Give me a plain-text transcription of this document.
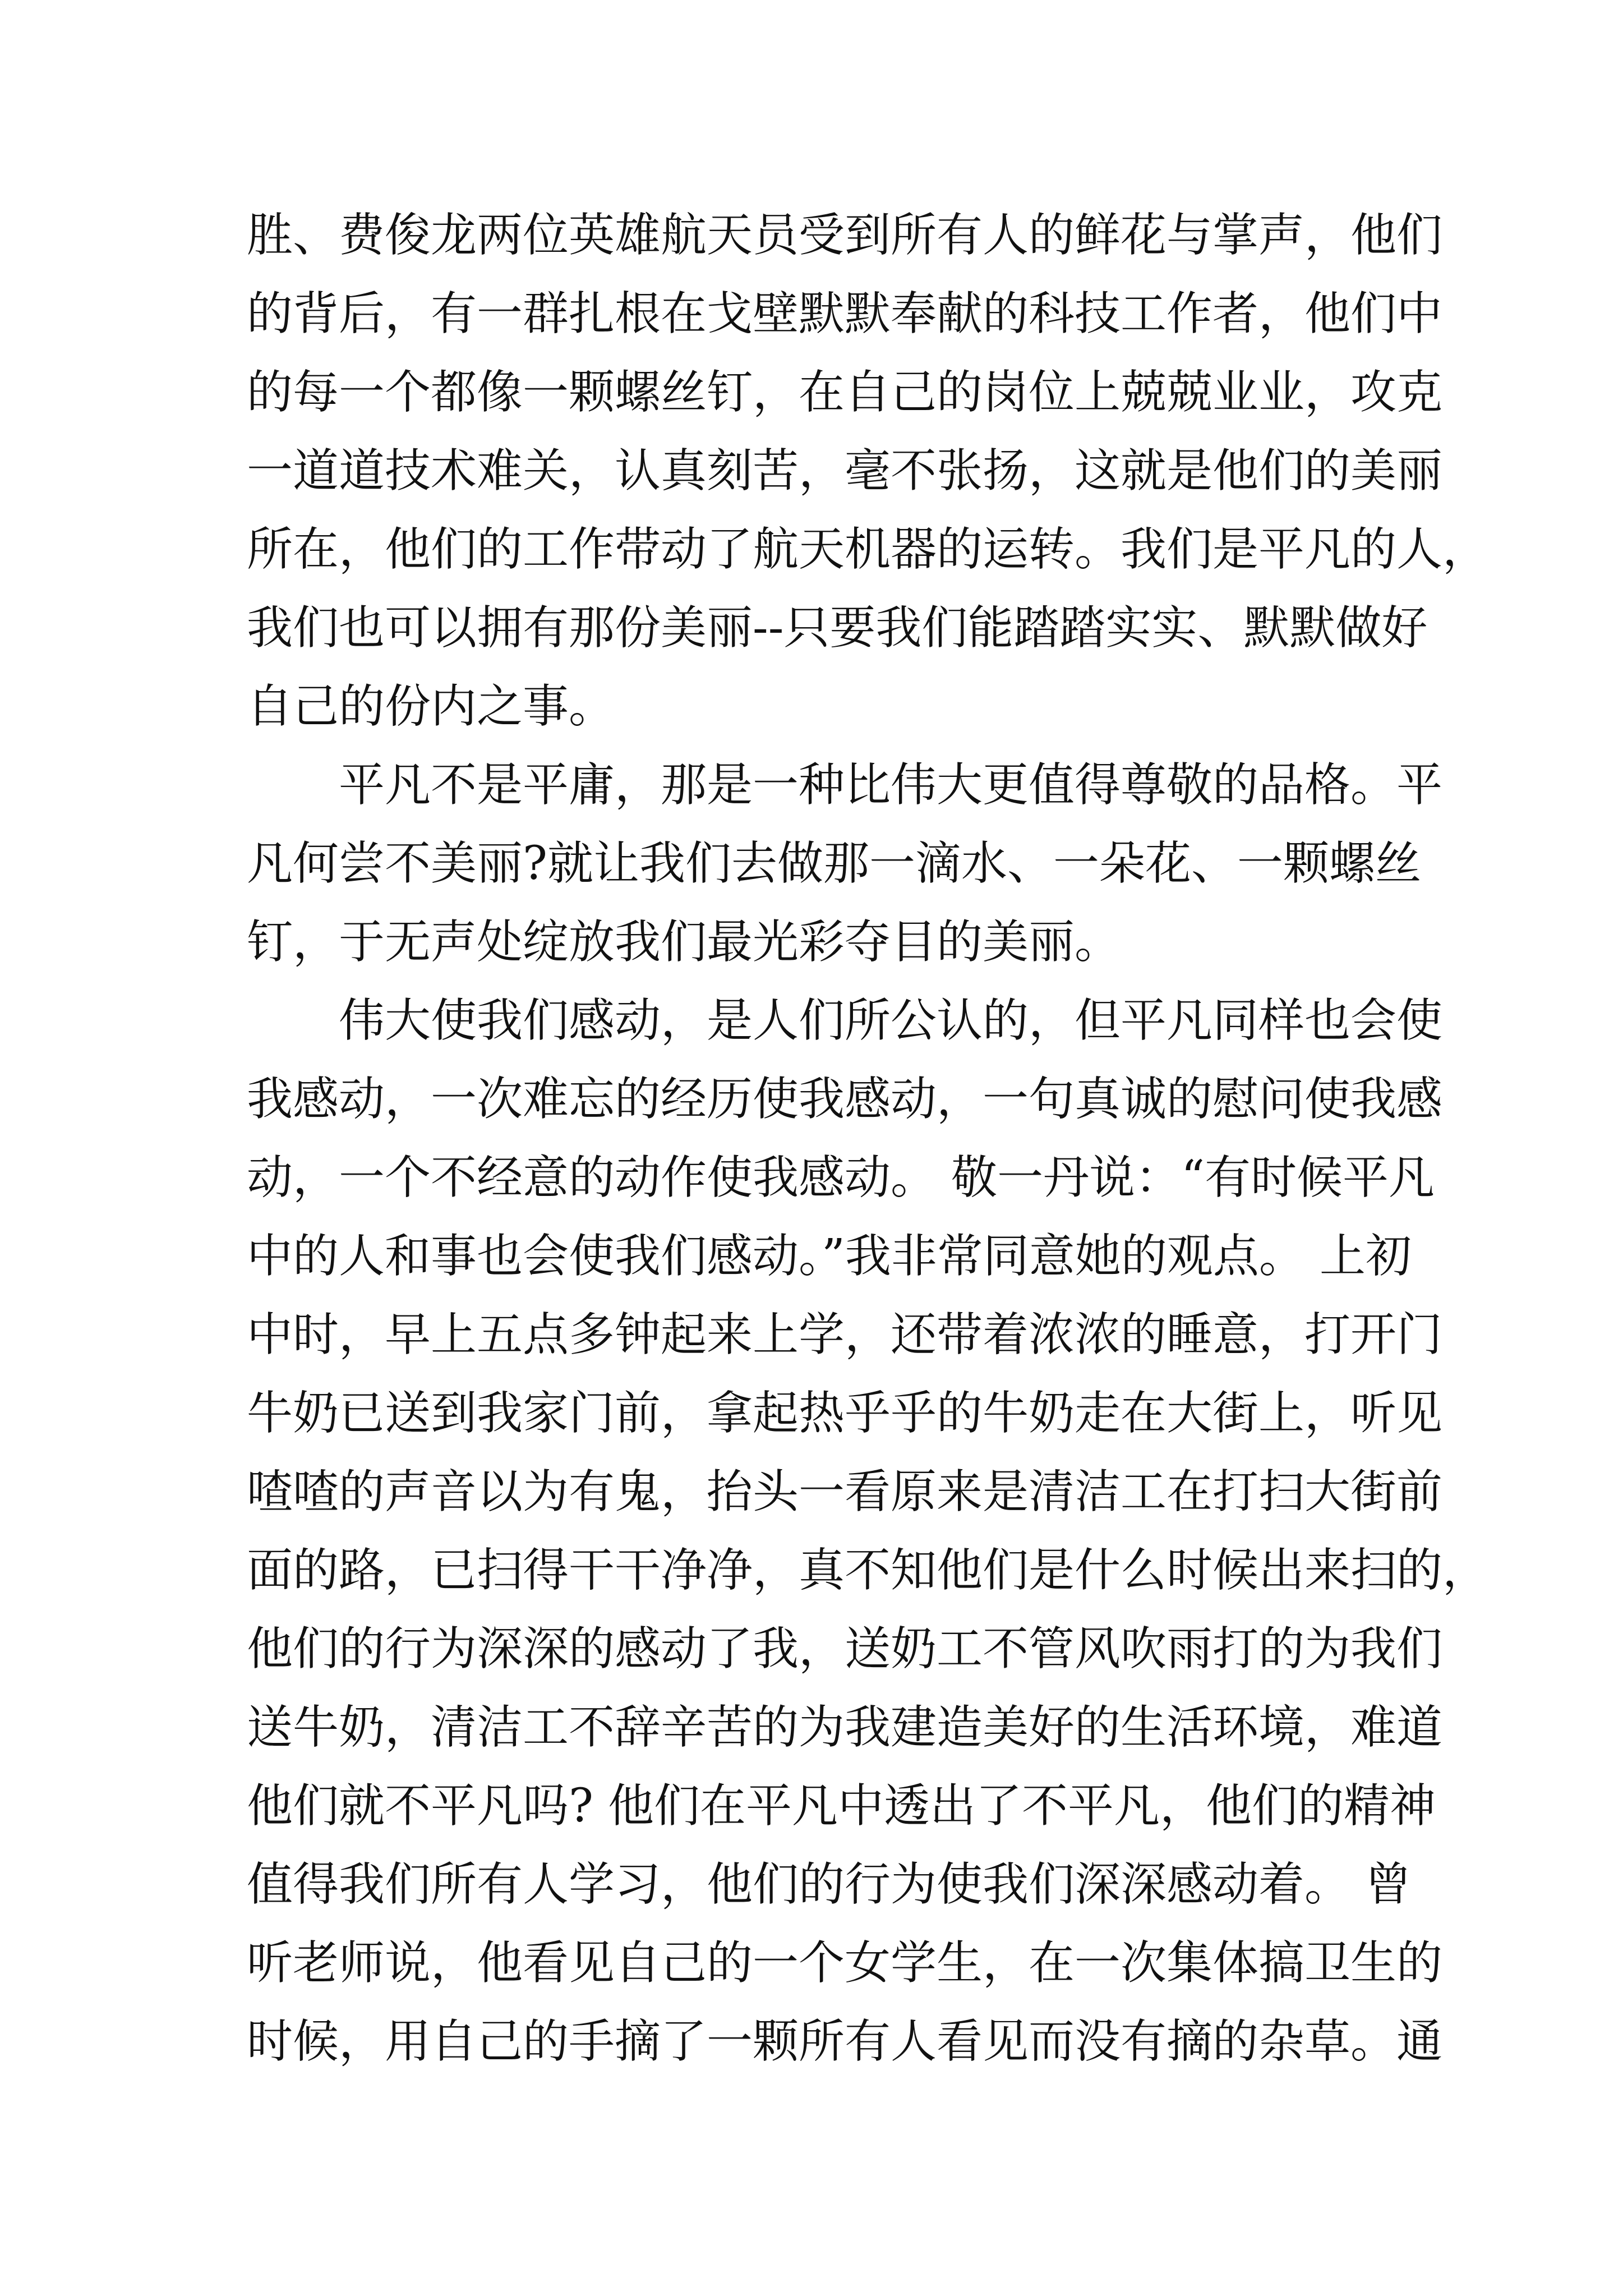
胜、费俊龙两位英雄航天员受到所有人的鲜花与掌声，他们
的背后，有一群扎根在戈壁默默奉献的科技工作者，他们中
的每一个都像一颗螺丝钉，在自己的岗位上兢兢业业，攻克
一道道技术难关，认真刻苦，毫不张扬，这就是他们的美丽
所在，他们的工作带动了航天机器的运转。我们是平凡的人，
我们也可以拥有那份美丽--只要我们能踏踏实实、默默做好
自己的份内之事。
平凡不是平庸，那是一种比伟大更值得尊敬的品格。平
凡何尝不美丽?就让我们去做那一滴水、一朵花、一颗螺丝
钉，于无声处绽放我们最光彩夺目的美丽。
伟大使我们感动，是人们所公认的，但平凡同样也会使
我感动，一次难忘的经历使我感动，一句真诚的慰问使我感
动，一个不经意的动作使我感动。 敬一丹说：“有时候平凡
中的人和事也会使我们感动。”我非常同意她的观点。 上初
中时，早上五点多钟起来上学，还带着浓浓的睡意，打开门
牛奶已送到我家门前，拿起热乎乎的牛奶走在大街上，听见
喳喳的声音以为有鬼，抬头一看原来是清洁工在打扫大街前
面的路，已扫得干干净净，真不知他们是什么时候出来扫的，
他们的行为深深的感动了我，送奶工不管风吹雨打的为我们
送牛奶，清洁工不辞辛苦的为我建造美好的生活环境，难道
他们就不平凡吗? 他们在平凡中透出了不平凡，他们的精神
值得我们所有人学习，他们的行为使我们深深感动着。 曾
听老师说，他看见自己的一个女学生，在一次集体搞卫生的
时候，用自己的手摘了一颗所有人看见而没有摘的杂草。通
